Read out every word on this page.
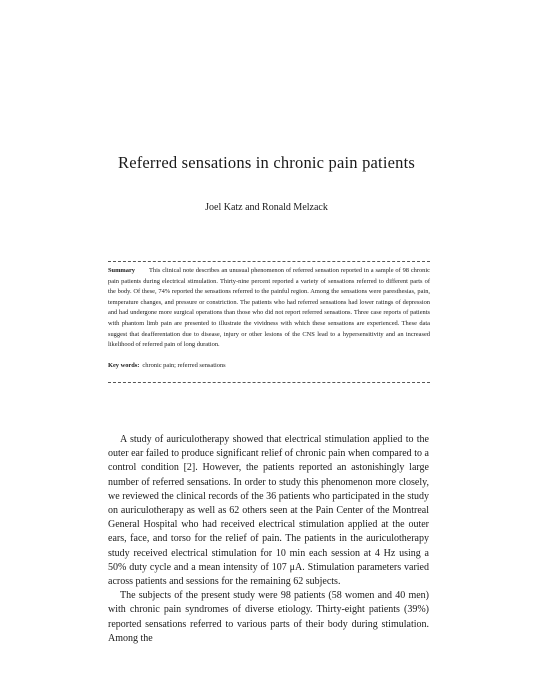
Referred sensations in chronic pain patients
Joel Katz and Ronald Melzack
Summary This clinical note describes an unusual phenomenon of referred sensation reported in a sample of 98 chronic pain patients during electrical stimulation. Thirty-nine percent reported a variety of sensations referred to different parts of the body. Of these, 74% reported the sensations referred to the painful region. Among the sensations were paresthesias, pain, temperature changes, and pressure or constriction. The patients who had referred sensations had lower ratings of depression and had undergone more surgical operations than those who did not report referred sensations. Three case reports of patients with phantom limb pain are presented to illustrate the vividness with which these sensations are experienced. These data suggest that deafferentation due to disease, injury or other lesions of the CNS lead to a hypersensitivity and an increased likelihood of referred pain of long duration.
Key words: chronic pain; referred sensations

A study of auriculotherapy showed that electrical stimulation applied to the outer ear failed to produce significant relief of chronic pain when compared to a control condition [2]. However, the patients reported an astonishingly large number of referred sensations. In order to study this phenomenon more closely, we reviewed the clinical records of the 36 patients who participated in the study on auriculotherapy as well as 62 others seen at the Pain Center of the Montreal General Hospital who had received electrical stimulation applied at the outer ears, face, and torso for the relief of pain. The patients in the auriculotherapy study received electrical stimulation for 10 min each session at 4 Hz using a 50% duty cycle and a mean intensity of 107 μA. Stimulation parameters varied across patients and sessions for the remaining 62 subjects.

The subjects of the present study were 98 patients (58 women and 40 men) with chronic pain syndromes of diverse etiology. Thirty-eight patients (39%) reported sensations referred to various parts of their body during stimulation. Among the
